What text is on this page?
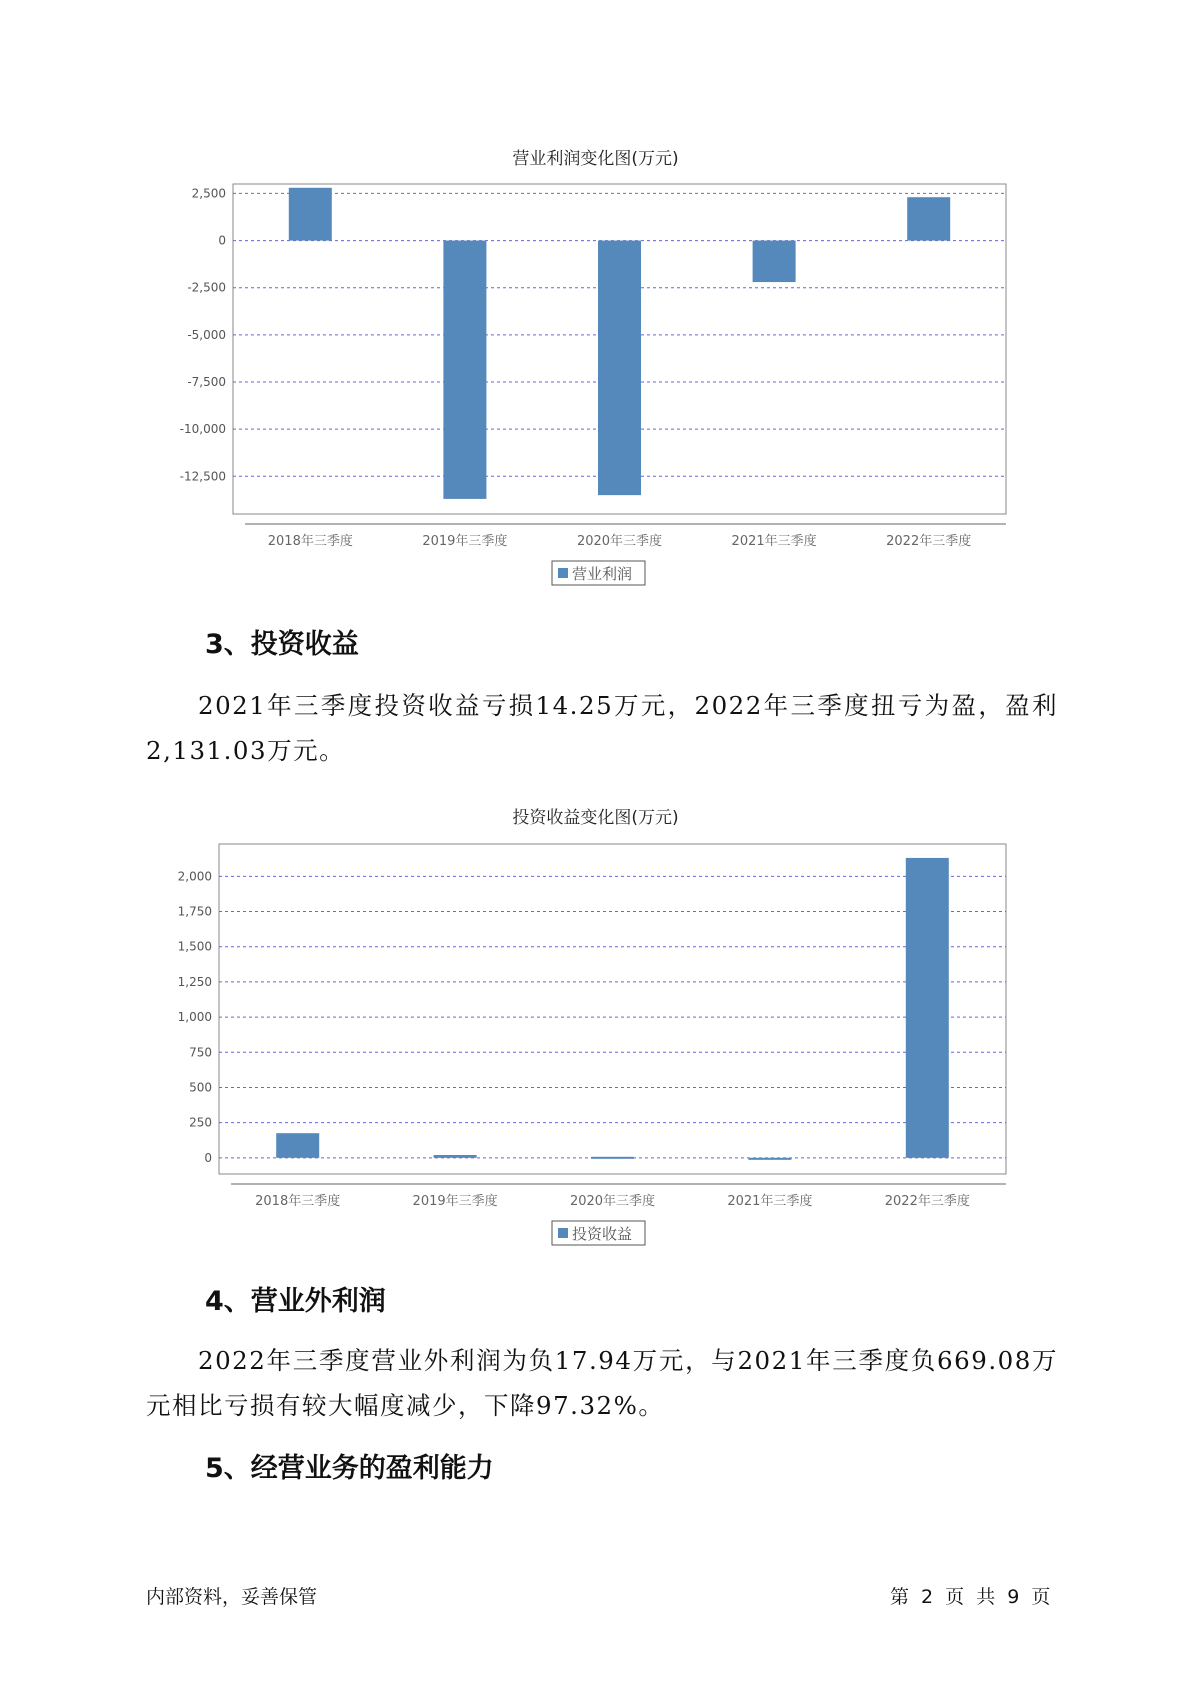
营业利润变化图(万元)
2,500
0
-2,500
-5,000
-7,500
-10,000
-12,500
2018年三季度	2019年三季度	2020年三季度	2021年三季度	2022年三季度
营业利润
3、投资收益

2021年三季度投资收益亏损14.25万元，2022年三季度扭亏为盈，盈利2,131.03万元。

投资收益变化图(万元)
0
250
500
750
1,000
1,250
1,500
1,750
2,000
2018年三季度	2019年三季度	2020年三季度	2021年三季度	2022年三季度
投资收益
4、营业外利润

2022年三季度营业外利润为负17.94万元，与2021年三季度负669.08万元相比亏损有较大幅度减少，下降97.32%。

5、经营业务的盈利能力
内部资料，妥善保管	第 2 页 共 9 页
